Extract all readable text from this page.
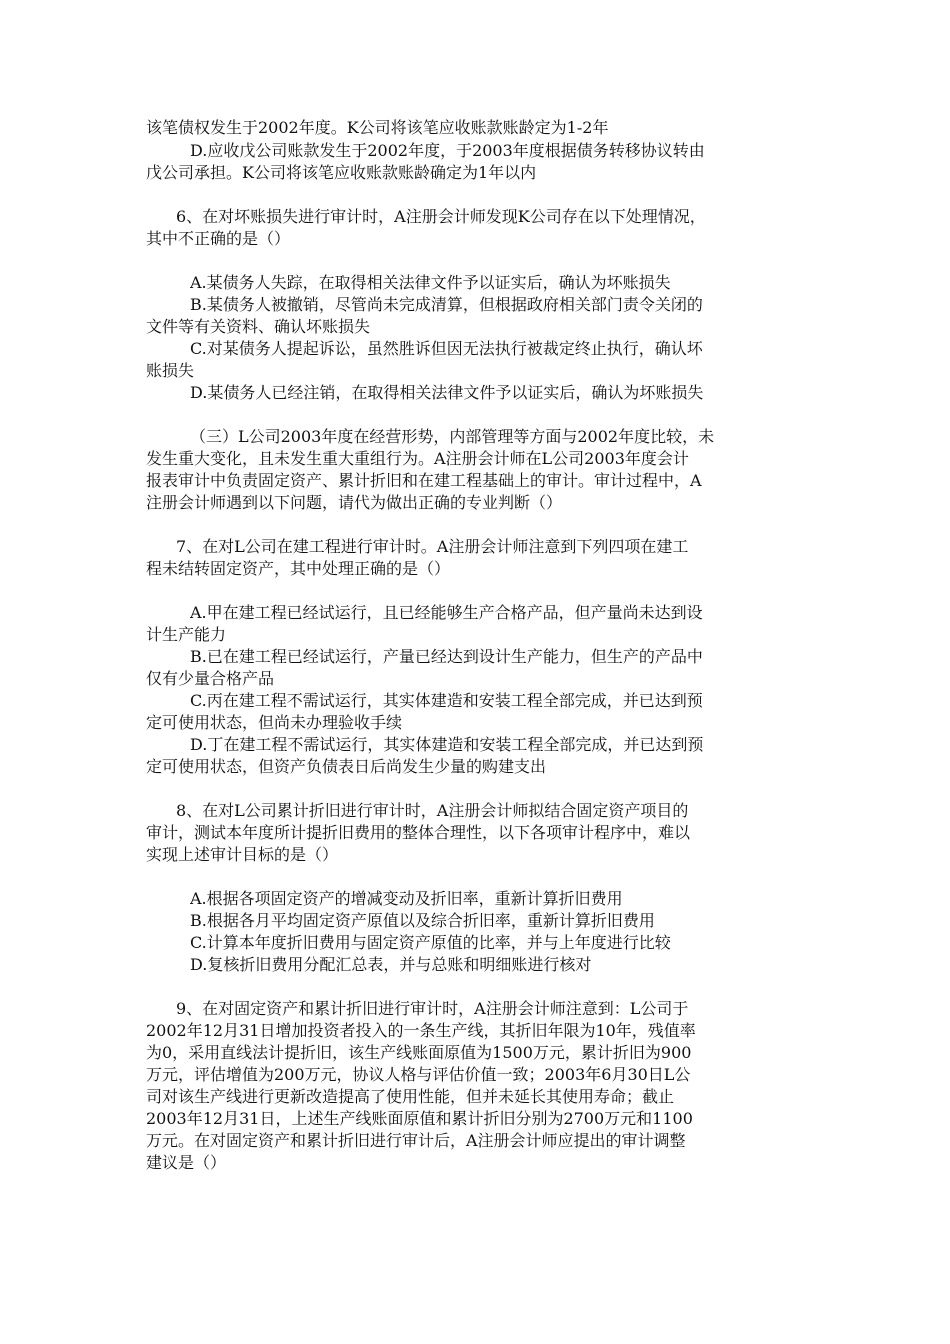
该笔债权发生于2002年度。K公司将该笔应收账款账龄定为1-2年
D.应收戊公司账款发生于2002年度，于2003年度根据债务转移协议转由
戊公司承担。K公司将该笔应收账款账龄确定为1年以内
6、在对坏账损失进行审计时，A注册会计师发现K公司存在以下处理情况，
其中不正确的是（）
A.某债务人失踪，在取得相关法律文件予以证实后，确认为坏账损失
B.某债务人被撤销，尽管尚未完成清算，但根据政府相关部门责令关闭的
文件等有关资料、确认坏账损失
C.对某债务人提起诉讼，虽然胜诉但因无法执行被裁定终止执行，确认坏
账损失
D.某债务人已经注销，在取得相关法律文件予以证实后，确认为坏账损失
（三）L公司2003年度在经营形势，内部管理等方面与2002年度比较，未
发生重大变化，且未发生重大重组行为。A注册会计师在L公司2003年度会计
报表审计中负责固定资产、累计折旧和在建工程基础上的审计。审计过程中，A
注册会计师遇到以下问题，请代为做出正确的专业判断（）
7、在对L公司在建工程进行审计时。A注册会计师注意到下列四项在建工
程未结转固定资产，其中处理正确的是（）
A.甲在建工程已经试运行，且已经能够生产合格产品，但产量尚未达到设
计生产能力
B.已在建工程已经试运行，产量已经达到设计生产能力，但生产的产品中
仅有少量合格产品
C.丙在建工程不需试运行，其实体建造和安装工程全部完成，并已达到预
定可使用状态，但尚未办理验收手续
D.丁在建工程不需试运行，其实体建造和安装工程全部完成，并已达到预
定可使用状态，但资产负债表日后尚发生少量的购建支出
8、在对L公司累计折旧进行审计时，A注册会计师拟结合固定资产项目的
审计，测试本年度所计提折旧费用的整体合理性，以下各项审计程序中，难以
实现上述审计目标的是（）
A.根据各项固定资产的增减变动及折旧率，重新计算折旧费用
B.根据各月平均固定资产原值以及综合折旧率，重新计算折旧费用
C.计算本年度折旧费用与固定资产原值的比率，并与上年度进行比较
D.复核折旧费用分配汇总表，并与总账和明细账进行核对
9、在对固定资产和累计折旧进行审计时，A注册会计师注意到：L公司于
2002年12月31日增加投资者投入的一条生产线，其折旧年限为10年，残值率
为0，采用直线法计提折旧，该生产线账面原值为1500万元，累计折旧为900
万元，评估增值为200万元，协议人格与评估价值一致；2003年6月30日L公
司对该生产线进行更新改造提高了使用性能，但并未延长其使用寿命；截止
2003年12月31日，上述生产线账面原值和累计折旧分别为2700万元和1100
万元。在对固定资产和累计折旧进行审计后，A注册会计师应提出的审计调整
建议是（）
